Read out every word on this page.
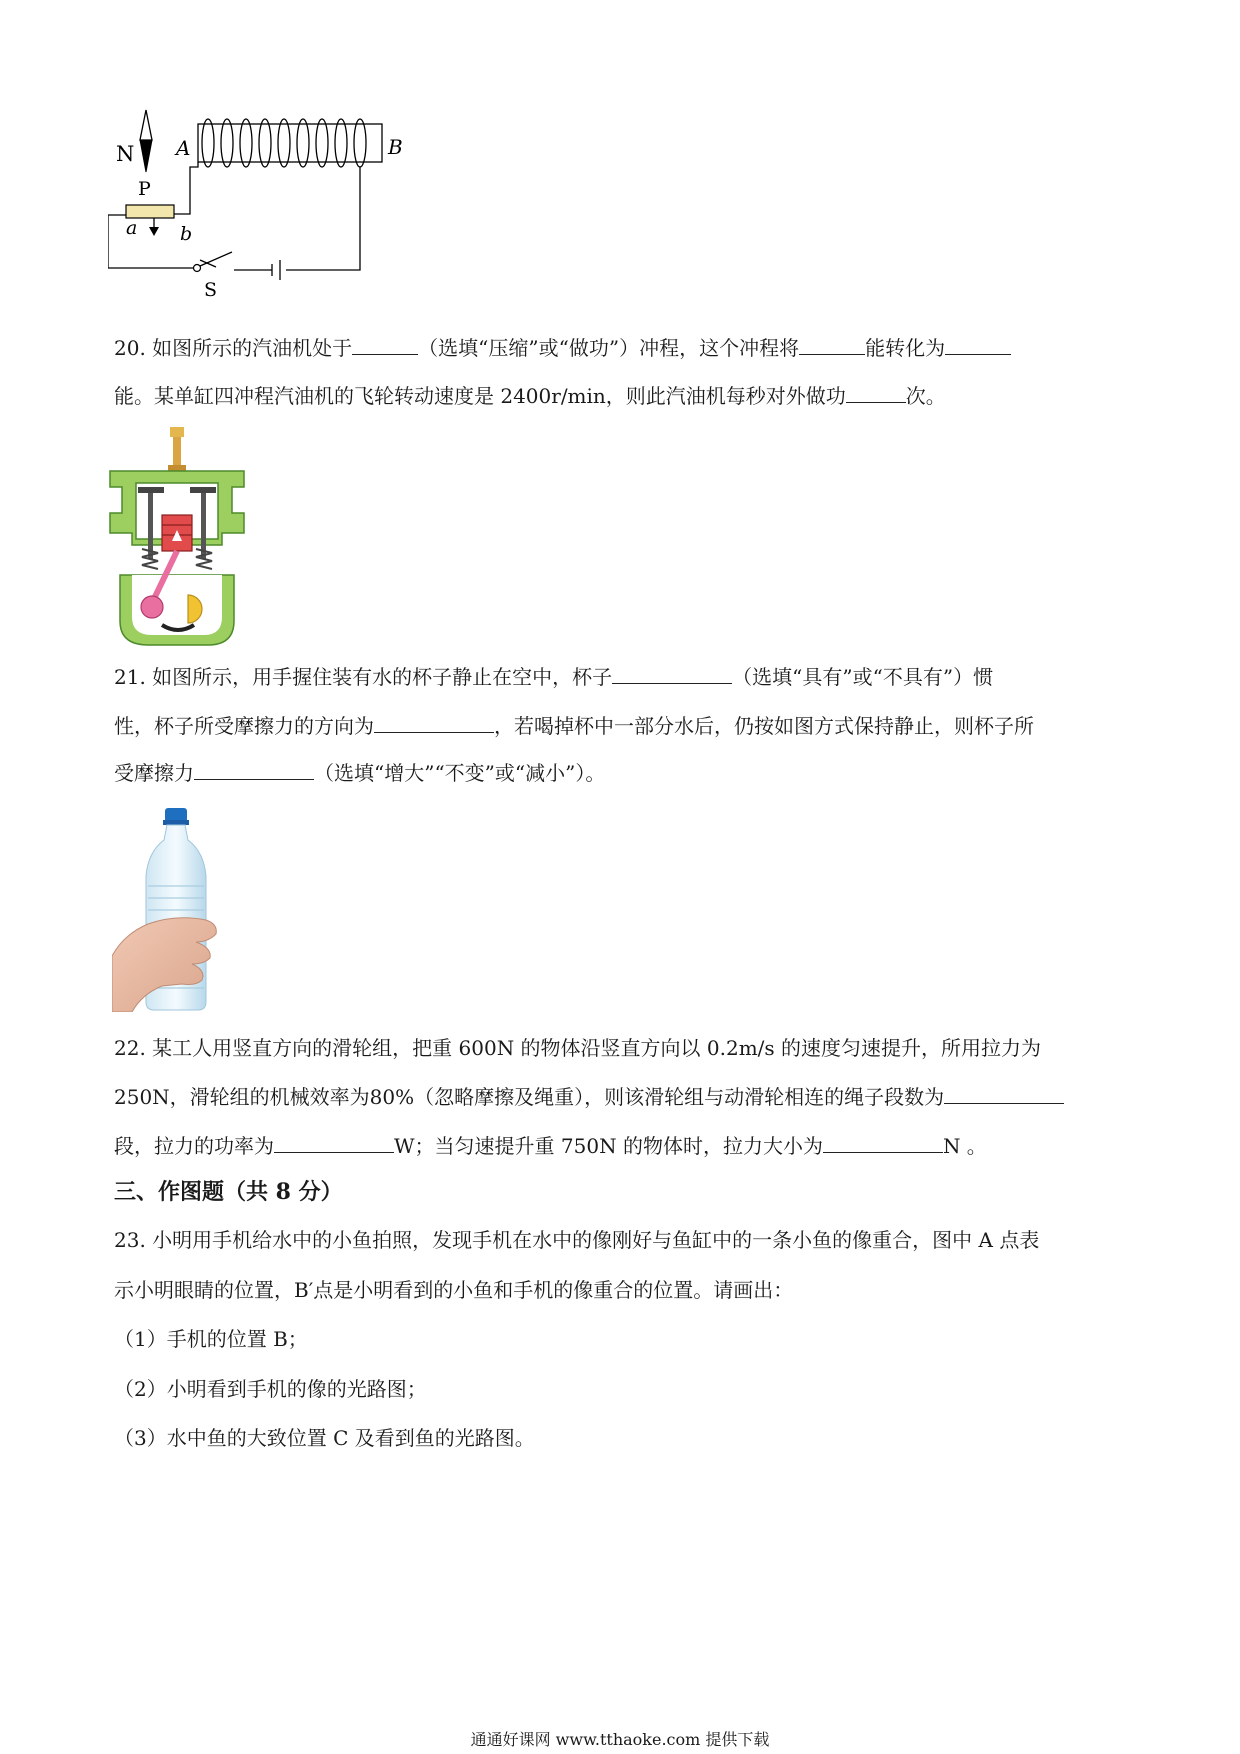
N A	B
P
a b
S
20. 如图所示的汽油机处于	（选填“压缩”或“做功”）冲程，这个冲程将	能转化为
能。某单缸四冲程汽油机的飞轮转动速度是 2400r/min，则此汽油机每秒对外做功	次。
21. 如图所示，用手握住装有水的杯子静止在空中，杯子	（选填“具有”或“不具有”）惯
性，杯子所受摩擦力的方向为	，若喝掉杯中一部分水后，仍按如图方式保持静止，则杯子所
受摩擦力	（选填“增大”“不变”或“减小”）。
22. 某工人用竖直方向的滑轮组，把重 600N 的物体沿竖直方向以 0.2m/s 的速度匀速提升，所用拉力为
250N，滑轮组的机械效率为80%（忽略摩擦及绳重），则该滑轮组与动滑轮相连的绳子段数为
段，拉力的功率为	W；当匀速提升重 750N 的物体时，拉力大小为	N 。
三、作图题（共 8 分）
23. 小明用手机给水中的小鱼拍照，发现手机在水中的像刚好与鱼缸中的一条小鱼的像重合，图中 A 点表
示小明眼睛的位置，B′点是小明看到的小鱼和手机的像重合的位置。请画出：
（1）手机的位置 B；
（2）小明看到手机的像的光路图；
（3）水中鱼的大致位置 C 及看到鱼的光路图。
通通好课网 www.tthaoke.com 提供下载
